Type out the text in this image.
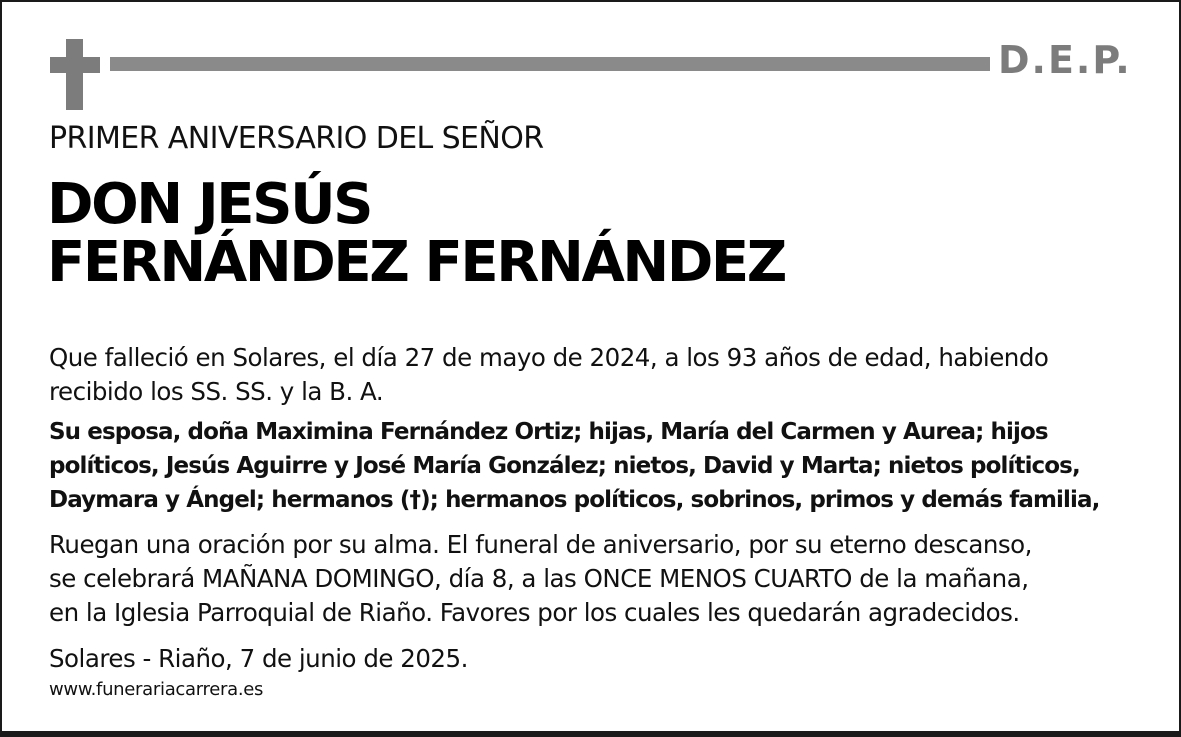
D.E.P.
PRIMER ANIVERSARIO DEL SEÑOR
DON JESÚS
FERNÁNDEZ FERNÁNDEZ

Que falleció en Solares, el día 27 de mayo de 2024, a los 93 años de edad, habiendo
recibido los SS. SS. y la B. A.

Su esposa, doña Maximina Fernández Ortiz; hijas, María del Carmen y Aurea; hijos
políticos, Jesús Aguirre y José María González; nietos, David y Marta; nietos políticos,
Daymara y Ángel; hermanos (†); hermanos políticos, sobrinos, primos y demás familia,

Ruegan una oración por su alma. El funeral de aniversario, por su eterno descanso,
se celebrará MAÑANA DOMINGO, día 8, a las ONCE MENOS CUARTO de la mañana,
en la Iglesia Parroquial de Riaño. Favores por los cuales les quedarán agradecidos.

Solares - Riaño, 7 de junio de 2025.
www.funerariacarrera.es
